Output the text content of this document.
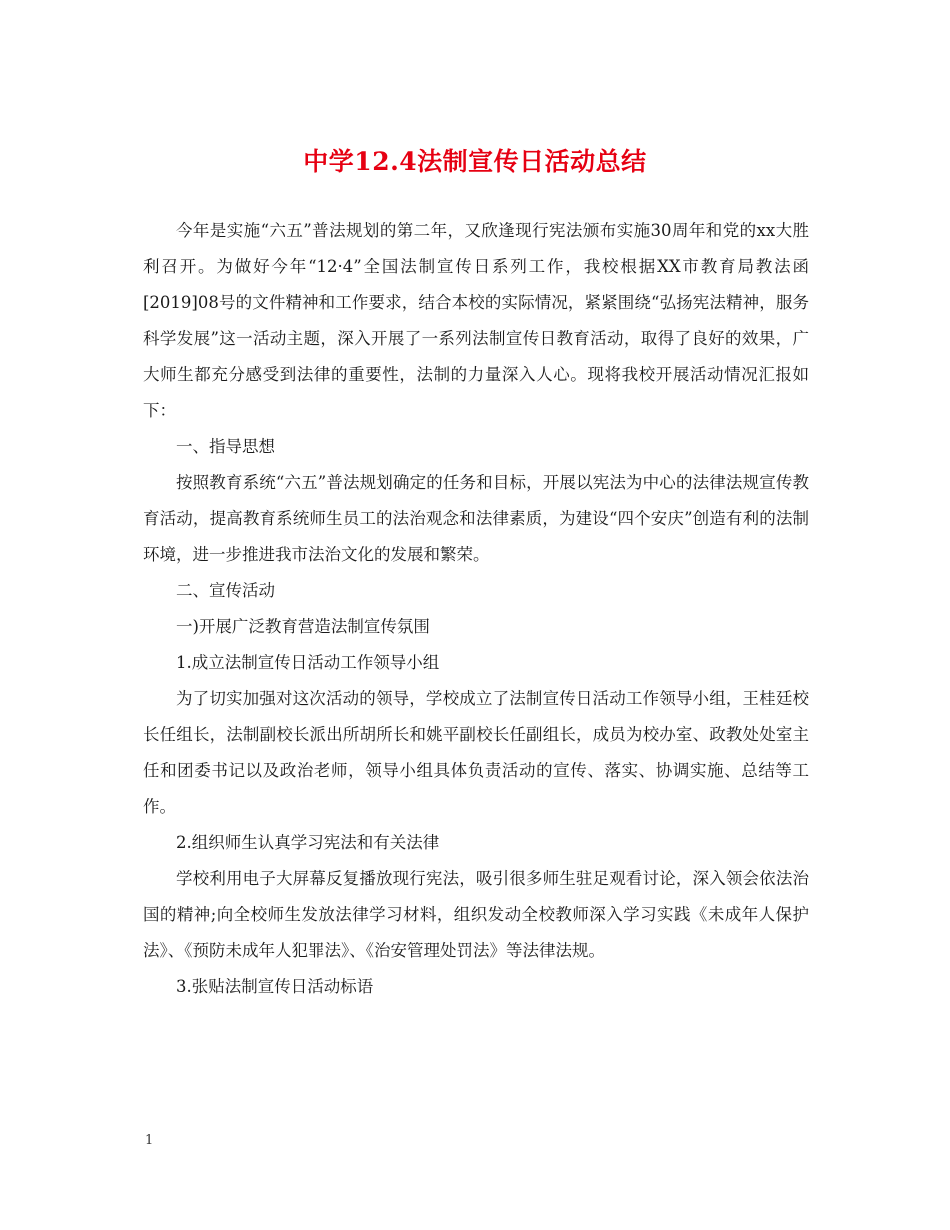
中学12.4法制宣传日活动总结

今年是实施“六五”普法规划的第二年，又欣逢现行宪法颁布实施30周年和党的xx大胜利召开。为做好今年“12·4”全国法制宣传日系列工作，我校根据XX市教育局教法函[2019]08号的文件精神和工作要求，结合本校的实际情况，紧紧围绕“弘扬宪法精神，服务科学发展”这一活动主题，深入开展了一系列法制宣传日教育活动，取得了良好的效果，广大师生都充分感受到法律的重要性，法制的力量深入人心。现将我校开展活动情况汇报如下：

一、指导思想

按照教育系统“六五”普法规划确定的任务和目标，开展以宪法为中心的法律法规宣传教育活动，提高教育系统师生员工的法治观念和法律素质，为建设“四个安庆”创造有利的法制环境，进一步推进我市法治文化的发展和繁荣。

二、宣传活动

一)开展广泛教育营造法制宣传氛围

1.成立法制宣传日活动工作领导小组

为了切实加强对这次活动的领导，学校成立了法制宣传日活动工作领导小组，王桂廷校长任组长，法制副校长派出所胡所长和姚平副校长任副组长，成员为校办室、政教处处室主任和团委书记以及政治老师，领导小组具体负责活动的宣传、落实、协调实施、总结等工作。

2.组织师生认真学习宪法和有关法律

学校利用电子大屏幕反复播放现行宪法，吸引很多师生驻足观看讨论，深入领会依法治国的精神;向全校师生发放法律学习材料，组织发动全校教师深入学习实践《未成年人保护法》、《预防未成年人犯罪法》、《治安管理处罚法》等法律法规。

3.张贴法制宣传日活动标语

1
